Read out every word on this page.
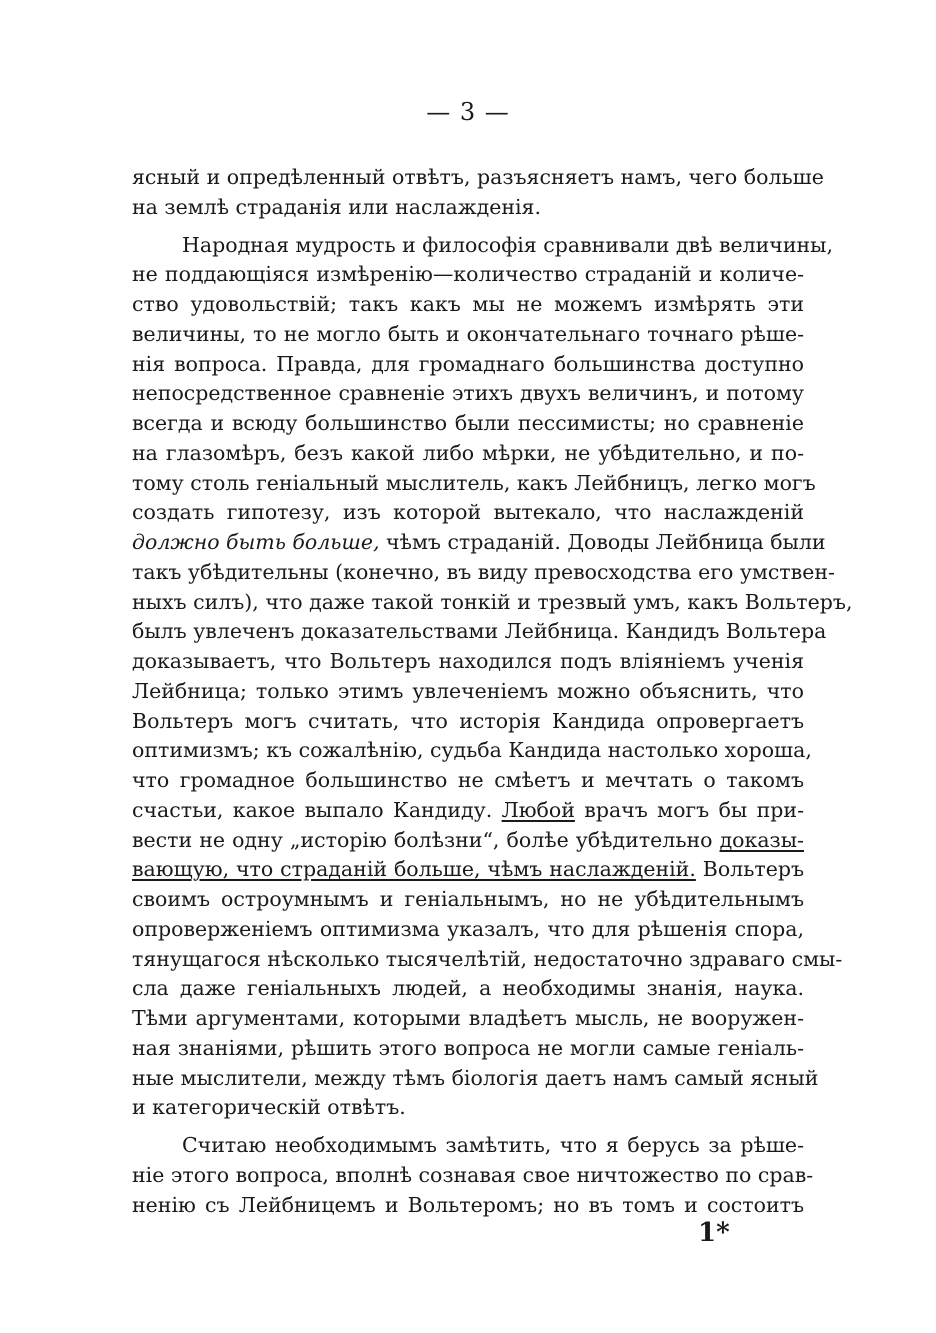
— 3 —
ясный и опредѣленный отвѣтъ, разъясняетъ намъ, чего больше
на землѣ страданія или наслажденія.
Народная мудрость и философія сравнивали двѣ величины,
не поддающіяся измѣренію—количество страданій и количе-
ство удовольствій; такъ какъ мы не можемъ измѣрять эти
величины, то не могло быть и окончательнаго точнаго рѣше-
нія вопроса. Правда, для громаднаго большинства доступно
непосредственное сравненіе этихъ двухъ величинъ, и потому
всегда и всюду большинство были пессимисты; но сравненіе
на глазомѣръ, безъ какой либо мѣрки, не убѣдительно, и по-
тому столь геніальный мыслитель, какъ Лейбницъ, легко могъ
создать гипотезу, изъ которой вытекало, что наслажденій
должно быть больше, чѣмъ страданій. Доводы Лейбница были
такъ убѣдительны (конечно, въ виду превосходства его умствен-
ныхъ силъ), что даже такой тонкій и трезвый умъ, какъ Вольтеръ,
былъ увлеченъ доказательствами Лейбница. Кандидъ Вольтера
доказываетъ, что Вольтеръ находился подъ вліяніемъ ученія
Лейбница; только этимъ увлеченіемъ можно объяснить, что
Вольтеръ могъ считать, что исторія Кандида опровергаетъ
оптимизмъ; къ сожалѣнію, судьба Кандида настолько хороша,
что громадное большинство не смѣетъ и мечтать о такомъ
счастьи, какое выпало Кандиду. Любой врачъ могъ бы при-
вести не одну „исторію болѣзни“, болѣе убѣдительно доказы-
вающую, что страданій больше, чѣмъ наслажденій. Вольтеръ
своимъ остроумнымъ и геніальнымъ, но не убѣдительнымъ
опроверженіемъ оптимизма указалъ, что для рѣшенія спора,
тянущагося нѣсколько тысячелѣтій, недостаточно здраваго смы-
сла даже геніальныхъ людей, а необходимы знанія, наука.
Тѣми аргументами, которыми владѣетъ мысль, не вооружен-
ная знаніями, рѣшить этого вопроса не могли самые геніаль-
ные мыслители, между тѣмъ біологія даетъ намъ самый ясный
и категорическій отвѣтъ.
Считаю необходимымъ замѣтить, что я берусь за рѣше-
ніе этого вопроса, вполнѣ сознавая свое ничтожество по срав-
ненію съ Лейбницемъ и Вольтеромъ; но въ томъ и состоитъ
1*
